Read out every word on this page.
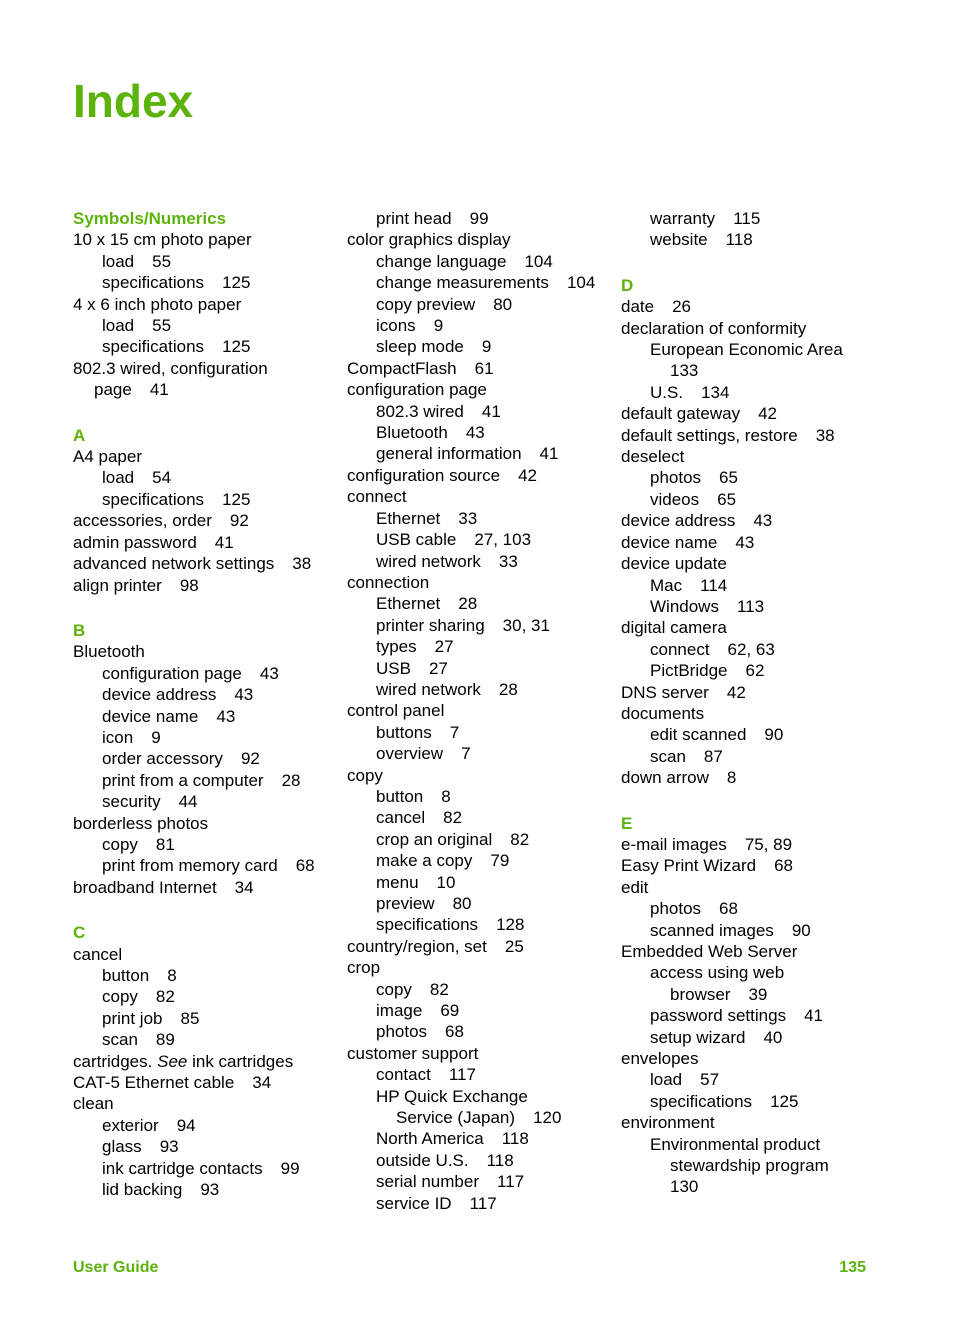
Index
Symbols/Numerics
10 x 15 cm photo paper
load 55
specifications 125
4 x 6 inch photo paper
load 55
specifications 125
802.3 wired, configuration
page 41
A
A4 paper
load 54
specifications 125
accessories, order 92
admin password 41
advanced network settings 38
align printer 98
B
Bluetooth
configuration page 43
device address 43
device name 43
icon 9
order accessory 92
print from a computer 28
security 44
borderless photos
copy 81
print from memory card 68
broadband Internet 34
C
cancel
button 8
copy 82
print job 85
scan 89
cartridges. See ink cartridges
CAT-5 Ethernet cable 34
clean
exterior 94
glass 93
ink cartridge contacts 99
lid backing 93
print head 99
color graphics display
change language 104
change measurements 104
copy preview 80
icons 9
sleep mode 9
CompactFlash 61
configuration page
802.3 wired 41
Bluetooth 43
general information 41
configuration source 42
connect
Ethernet 33
USB cable 27, 103
wired network 33
connection
Ethernet 28
printer sharing 30, 31
types 27
USB 27
wired network 28
control panel
buttons 7
overview 7
copy
button 8
cancel 82
crop an original 82
make a copy 79
menu 10
preview 80
specifications 128
country/region, set 25
crop
copy 82
image 69
photos 68
customer support
contact 117
HP Quick Exchange
Service (Japan) 120
North America 118
outside U.S. 118
serial number 117
service ID 117
warranty 115
website 118
D
date 26
declaration of conformity
European Economic Area
133
U.S. 134
default gateway 42
default settings, restore 38
deselect
photos 65
videos 65
device address 43
device name 43
device update
Mac 114
Windows 113
digital camera
connect 62, 63
PictBridge 62
DNS server 42
documents
edit scanned 90
scan 87
down arrow 8
E
e-mail images 75, 89
Easy Print Wizard 68
edit
photos 68
scanned images 90
Embedded Web Server
access using web
browser 39
password settings 41
setup wizard 40
envelopes
load 57
specifications 125
environment
Environmental product
stewardship program
130
User Guide	135
